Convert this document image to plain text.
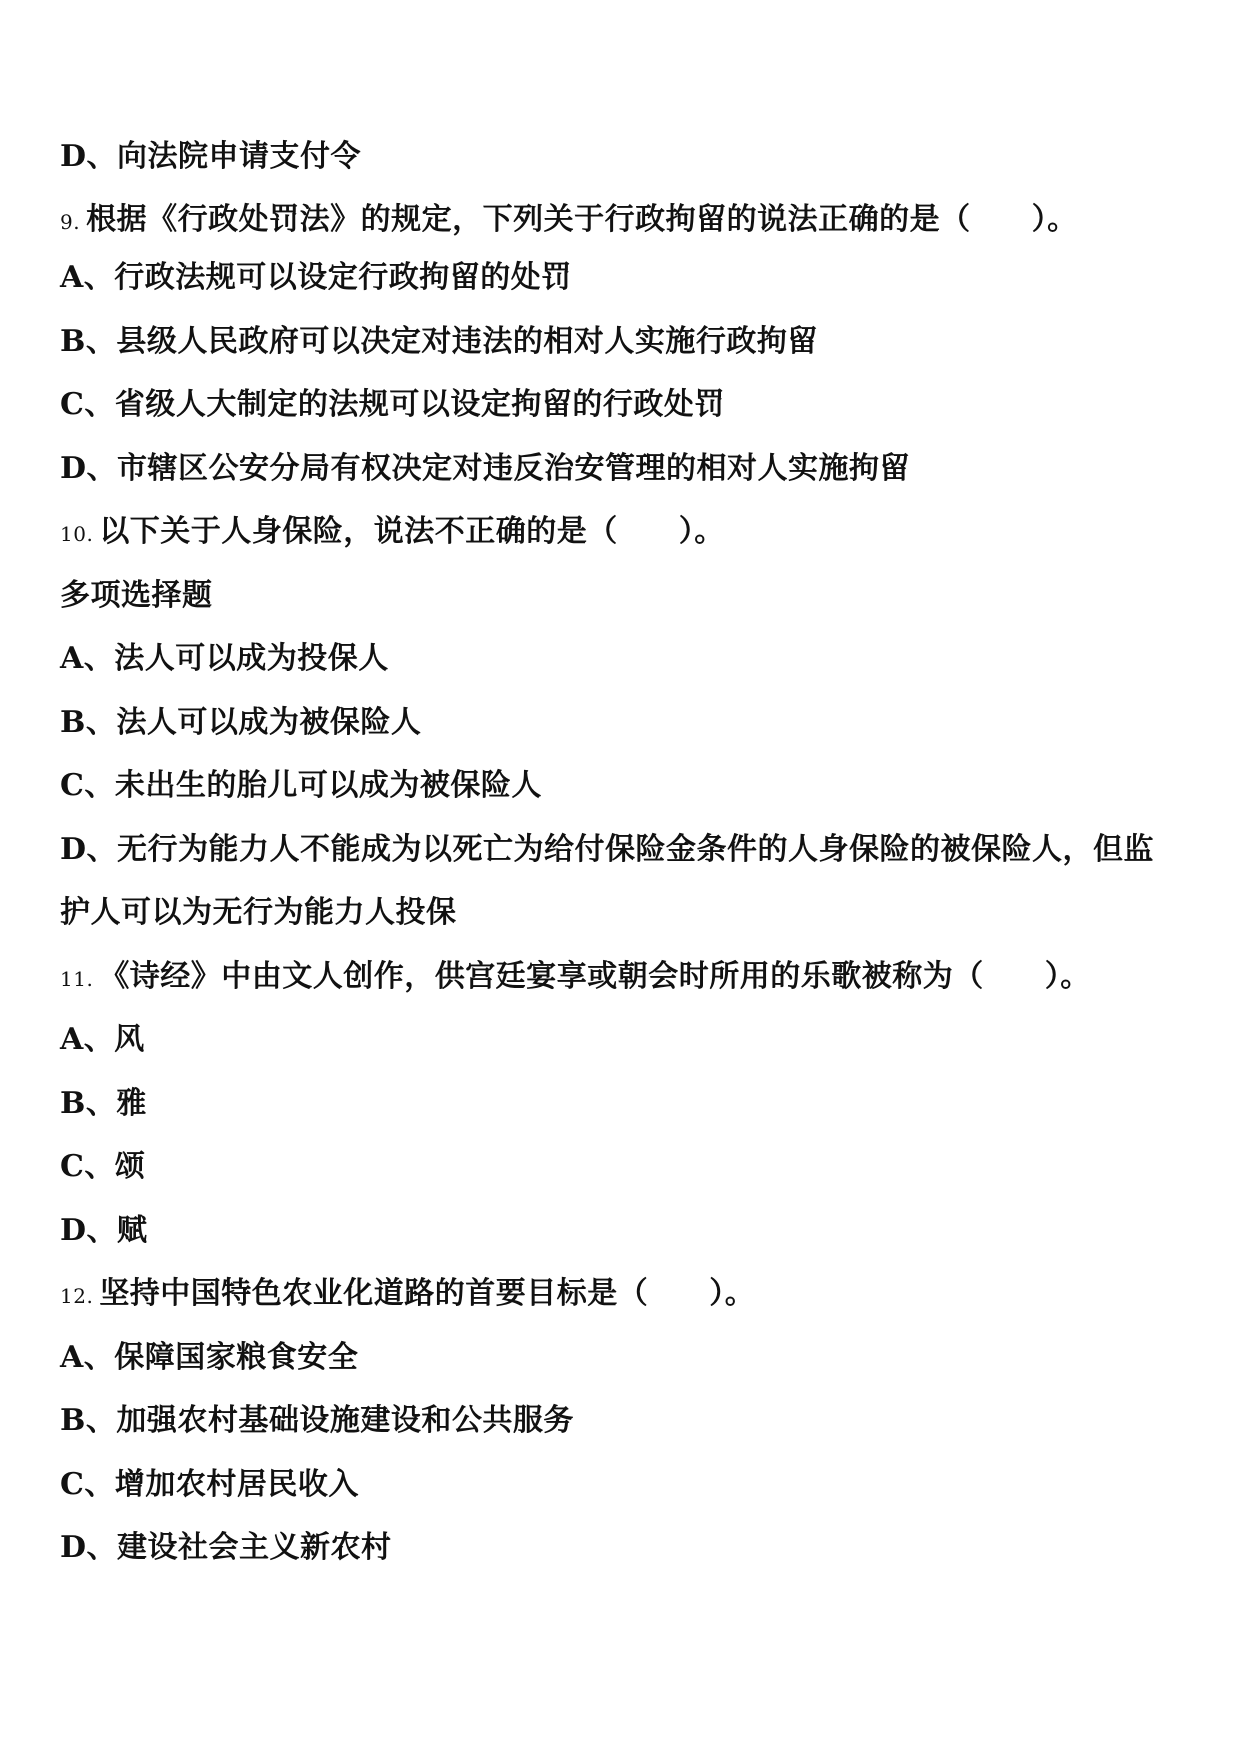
D、向法院申请支付令

9. 根据《行政处罚法》的规定，下列关于行政拘留的说法正确的是（　　）。

A、行政法规可以设定行政拘留的处罚

B、县级人民政府可以决定对违法的相对人实施行政拘留

C、省级人大制定的法规可以设定拘留的行政处罚

D、市辖区公安分局有权决定对违反治安管理的相对人实施拘留

10. 以下关于人身保险，说法不正确的是（　　）。

多项选择题

A、法人可以成为投保人

B、法人可以成为被保险人

C、未出生的胎儿可以成为被保险人

D、无行为能力人不能成为以死亡为给付保险金条件的人身保险的被保险人，但监

护人可以为无行为能力人投保

11. 《诗经》中由文人创作，供宫廷宴享或朝会时所用的乐歌被称为（　　）。

A、风

B、雅

C、颂

D、赋

12. 坚持中国特色农业化道路的首要目标是（　　）。

A、保障国家粮食安全

B、加强农村基础设施建设和公共服务

C、增加农村居民收入

D、建设社会主义新农村
